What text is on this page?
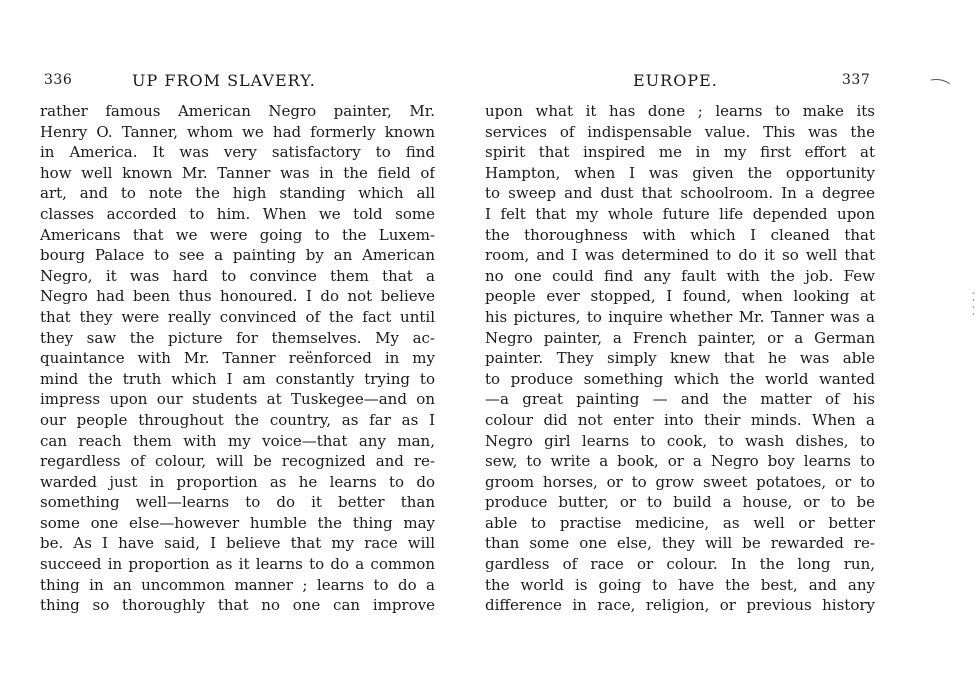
336	UP FROM SLAVERY.
rather famous American Negro painter, Mr.
Henry O. Tanner, whom we had formerly known
in America. It was very satisfactory to find
how well known Mr. Tanner was in the field of
art, and to note the high standing which all
classes accorded to him. When we told some
Americans that we were going to the Luxem-
bourg Palace to see a painting by an American
Negro, it was hard to convince them that a
Negro had been thus honoured. I do not believe
that they were really convinced of the fact until
they saw the picture for themselves. My ac-
quaintance with Mr. Tanner reënforced in my
mind the truth which I am constantly trying to
impress upon our students at Tuskegee—and on
our people throughout the country, as far as I
can reach them with my voice—that any man,
regardless of colour, will be recognized and re-
warded just in proportion as he learns to do
something well—learns to do it better than
some one else—however humble the thing may
be. As I have said, I believe that my race will
succeed in proportion as it learns to do a common
thing in an uncommon manner ; learns to do a
thing so thoroughly that no one can improve
EUROPE.	337
upon what it has done ; learns to make its
services of indispensable value. This was the
spirit that inspired me in my first effort at
Hampton, when I was given the opportunity
to sweep and dust that schoolroom. In a degree
I felt that my whole future life depended upon
the thoroughness with which I cleaned that
room, and I was determined to do it so well that
no one could find any fault with the job. Few
people ever stopped, I found, when looking at
his pictures, to inquire whether Mr. Tanner was a
Negro painter, a French painter, or a German
painter. They simply knew that he was able
to produce something which the world wanted
—a great painting — and the matter of his
colour did not enter into their minds. When a
Negro girl learns to cook, to wash dishes, to
sew, to write a book, or a Negro boy learns to
groom horses, or to grow sweet potatoes, or to
produce butter, or to build a house, or to be
able to practise medicine, as well or better
than some one else, they will be rewarded re-
gardless of race or colour. In the long run,
the world is going to have the best, and any
difference in race, religion, or previous history
